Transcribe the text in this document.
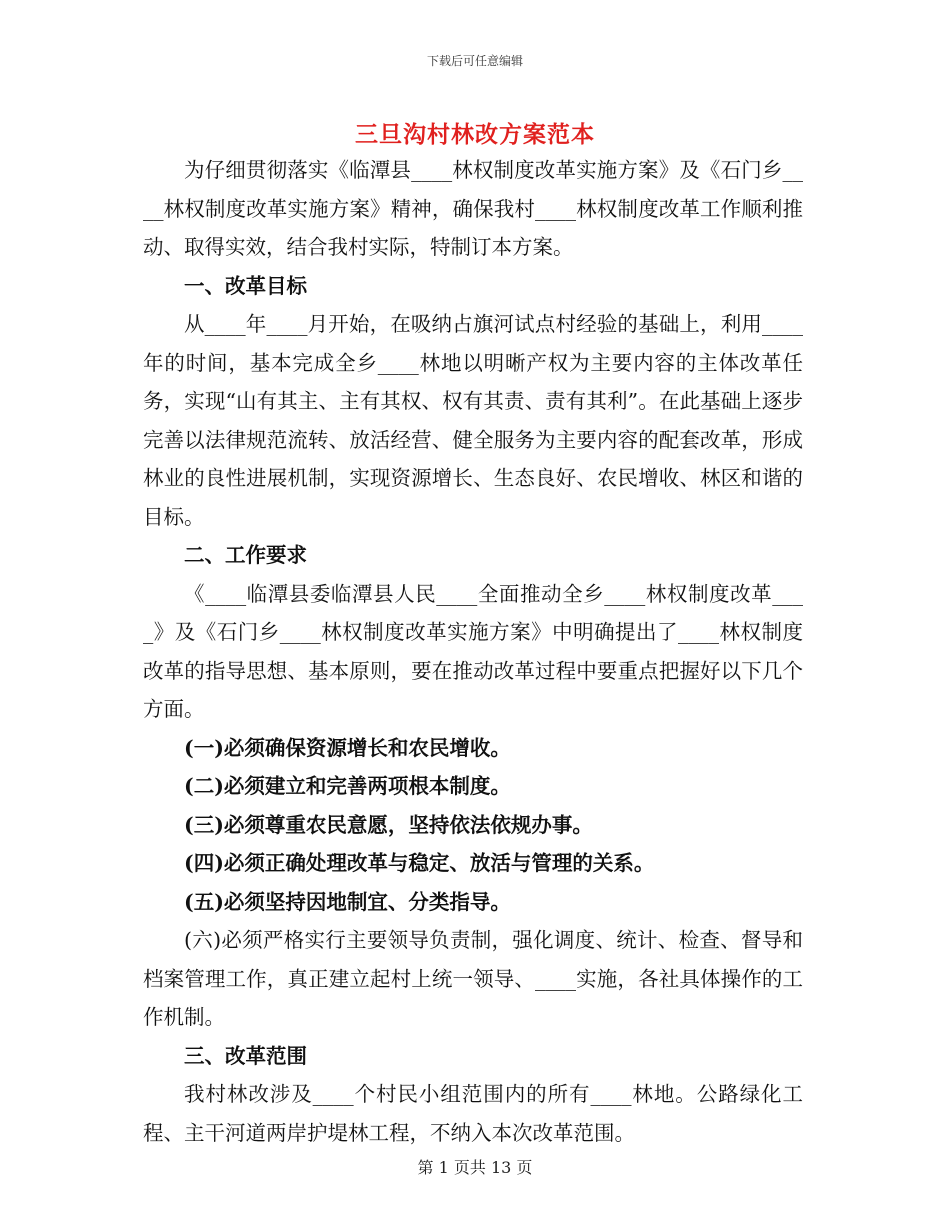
下载后可任意编辑
三旦沟村林改方案范本

为仔细贯彻落实《临潭县____林权制度改革实施方案》及《石门乡____林权制度改革实施方案》精神，确保我村____林权制度改革工作顺利推动、取得实效，结合我村实际，特制订本方案。

一、改革目标

从____年____月开始，在吸纳占旗河试点村经验的基础上，利用____年的时间，基本完成全乡____林地以明晰产权为主要内容的主体改革任务，实现“山有其主、主有其权、权有其责、责有其利”。在此基础上逐步完善以法律规范流转、放活经营、健全服务为主要内容的配套改革，形成林业的良性进展机制，实现资源增长、生态良好、农民增收、林区和谐的目标。

二、工作要求

《____临潭县委临潭县人民____全面推动全乡____林权制度改革____》及《石门乡____林权制度改革实施方案》中明确提出了____林权制度改革的指导思想、基本原则，要在推动改革过程中要重点把握好以下几个方面。

(一)必须确保资源增长和农民增收。

(二)必须建立和完善两项根本制度。

(三)必须尊重农民意愿，坚持依法依规办事。

(四)必须正确处理改革与稳定、放活与管理的关系。

(五)必须坚持因地制宜、分类指导。

(六)必须严格实行主要领导负责制，强化调度、统计、检查、督导和档案管理工作，真正建立起村上统一领导、____实施，各社具体操作的工作机制。

三、改革范围

我村林改涉及____个村民小组范围内的所有____林地。公路绿化工程、主干河道两岸护堤林工程，不纳入本次改革范围。

第 1 页共 13 页
